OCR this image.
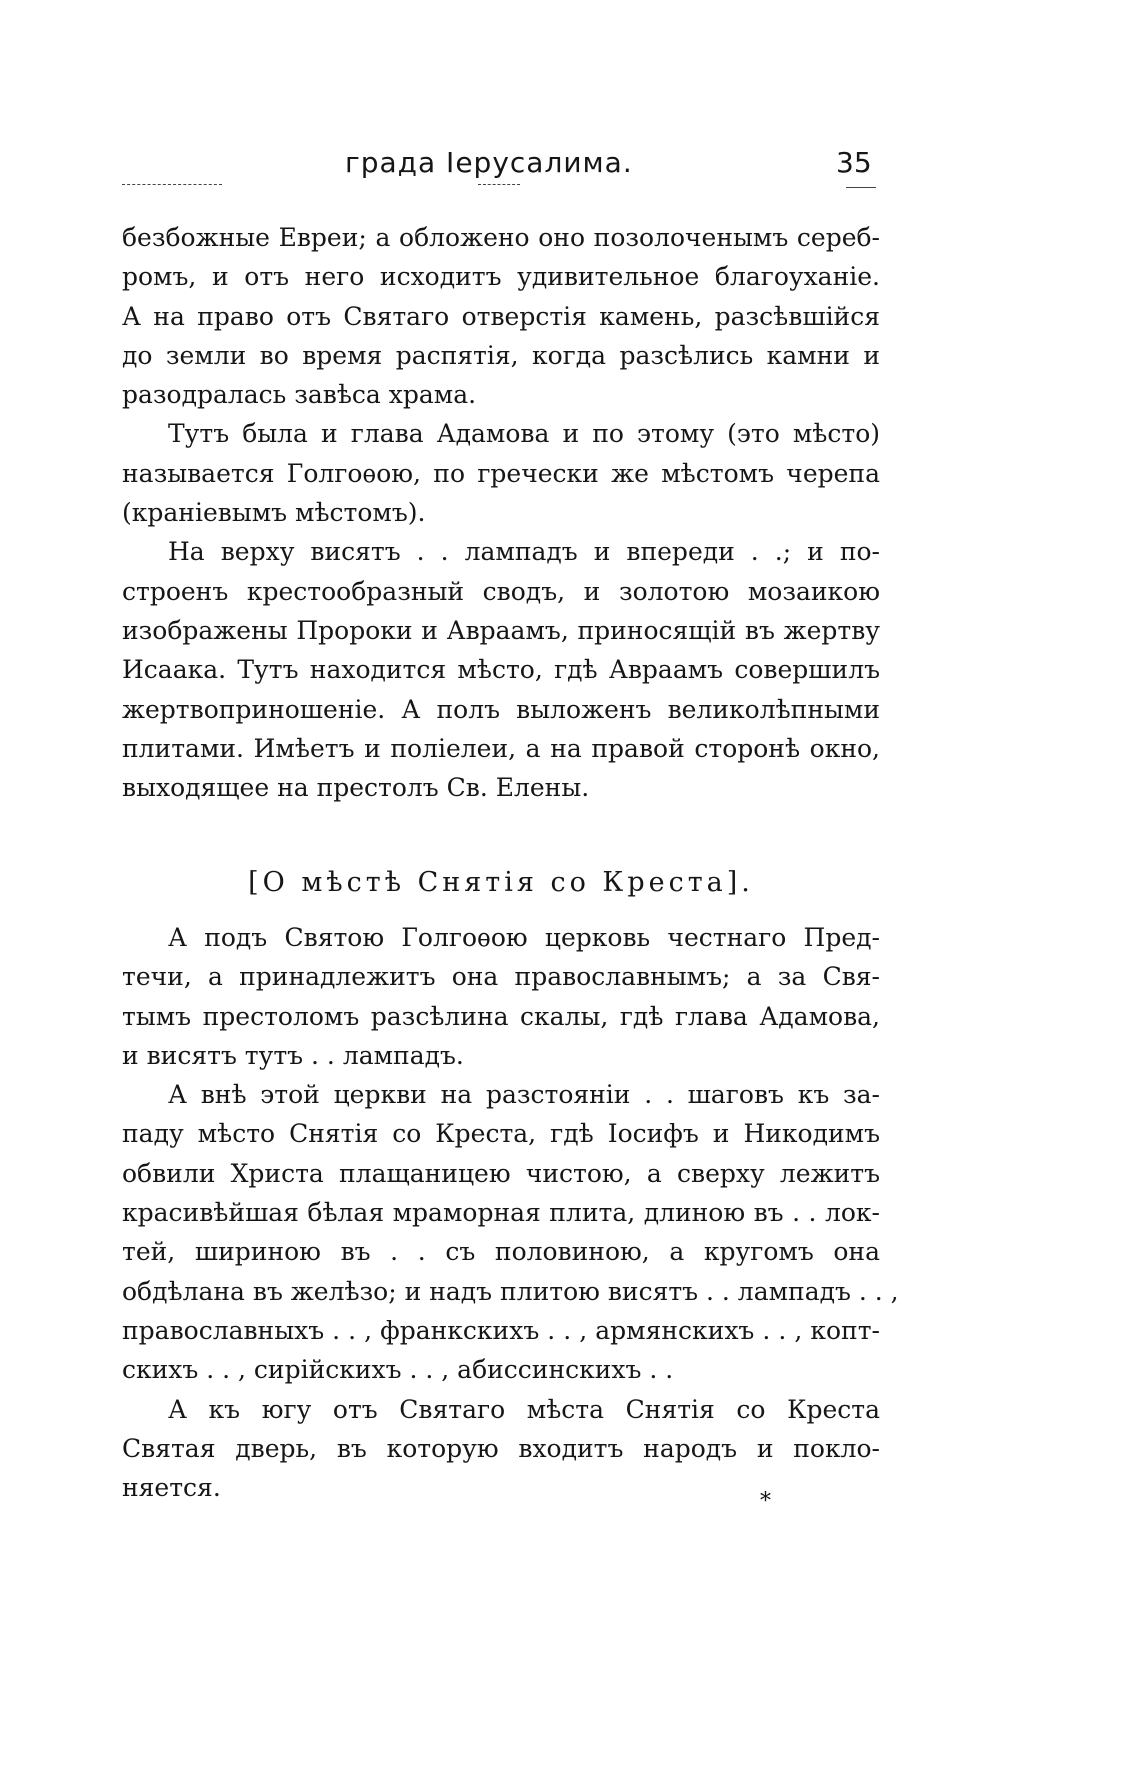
града Іерусалима.	35
безбожные Евреи; а обложено оно позолоченымъ сереб-
ромъ, и отъ него исходитъ удивительное благоуханіе.
А на право отъ Святаго отверстія камень, разсѣвшійся
до земли во время распятія, когда разсѣлись камни и
разодралась завѣса храма.
Тутъ была и глава Адамова и по этому (это мѣсто)
называется Голгоѳою, по гречески же мѣстомъ черепа
(краніевымъ мѣстомъ).
На верху висятъ . . лампадъ и впереди . .; и по-
строенъ крестообразный сводъ, и золотою мозаикою
изображены Пророки и Авраамъ, приносящій въ жертву
Исаака. Тутъ находится мѣсто, гдѣ Авраамъ совершилъ
жертвоприношеніе. А полъ выложенъ великолѣпными
плитами. Имѣетъ и поліелеи, а на правой сторонѣ окно,
выходящее на престолъ Св. Елены.
[О мѣстѣ Снятія со Креста].
А подъ Святою Голгоѳою церковь честнаго Пред-
течи, а принадлежитъ она православнымъ; а за Свя-
тымъ престоломъ разсѣлина скалы, гдѣ глава Адамова,
и висятъ тутъ . . лампадъ.
А внѣ этой церкви на разстояніи . . шаговъ къ за-
паду мѣсто Снятія со Креста, гдѣ Іосифъ и Никодимъ
обвили Христа плащаницею чистою, а сверху лежитъ
красивѣйшая бѣлая мраморная плита, длиною въ . . лок-
тей, шириною въ . . съ половиною, а кругомъ она
обдѣлана въ желѣзо; и надъ плитою висятъ . . лампадъ . . ,
православныхъ . . , франкскихъ . . , армянскихъ . . , копт-
скихъ . . , сирійскихъ . . , абиссинскихъ . .
А къ югу отъ Святаго мѣста Снятія со Креста
Святая дверь, въ которую входитъ народъ и покло-
няется.	*
